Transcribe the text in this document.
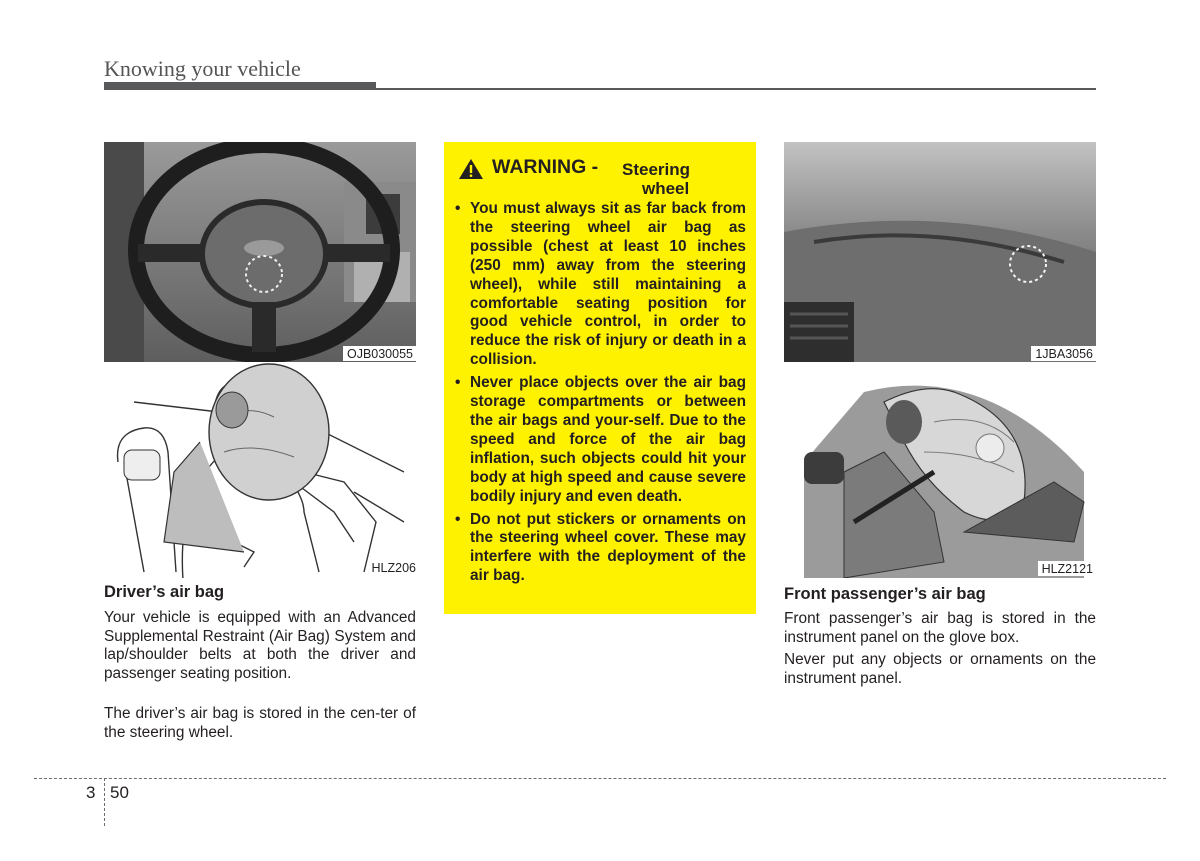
Knowing your vehicle
OJB030055
HLZ206
Driver’s air bag

Your vehicle is equipped with an Advanced Supplemental Restraint (Air Bag) System and lap/shoulder belts at both the driver and passenger seating position.

The driver’s air bag is stored in the cen-ter of the steering wheel.

WARNING - Steering
wheel
• You must always sit as far back from the steering wheel air bag as possible (chest at least 10 inches (250 mm) away from the steering wheel), while still maintaining a comfortable seating position for good vehicle control, in order to reduce the risk of injury or death in a collision.
• Never place objects over the air bag storage compartments or between the air bags and your-self. Due to the speed and force of the air bag inflation, such objects could hit your body at high speed and cause severe bodily injury and even death.
• Do not put stickers or ornaments on the steering wheel cover. These may interfere with the deployment of the air bag.
1JBA3056
HLZ2121
Front passenger’s air bag

Front passenger’s air bag is stored in the instrument panel on the glove box.

Never put any objects or ornaments on the instrument panel.

3 50
